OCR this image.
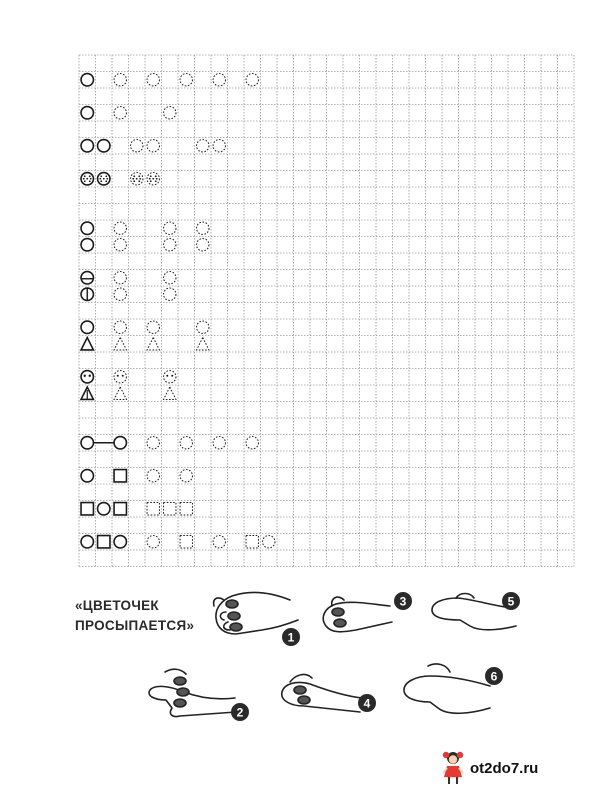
1
2
3
4
5
6
«ЦВЕТОЧЕК
ПРОСЫПАЕТСЯ»
ot2do7.ru
